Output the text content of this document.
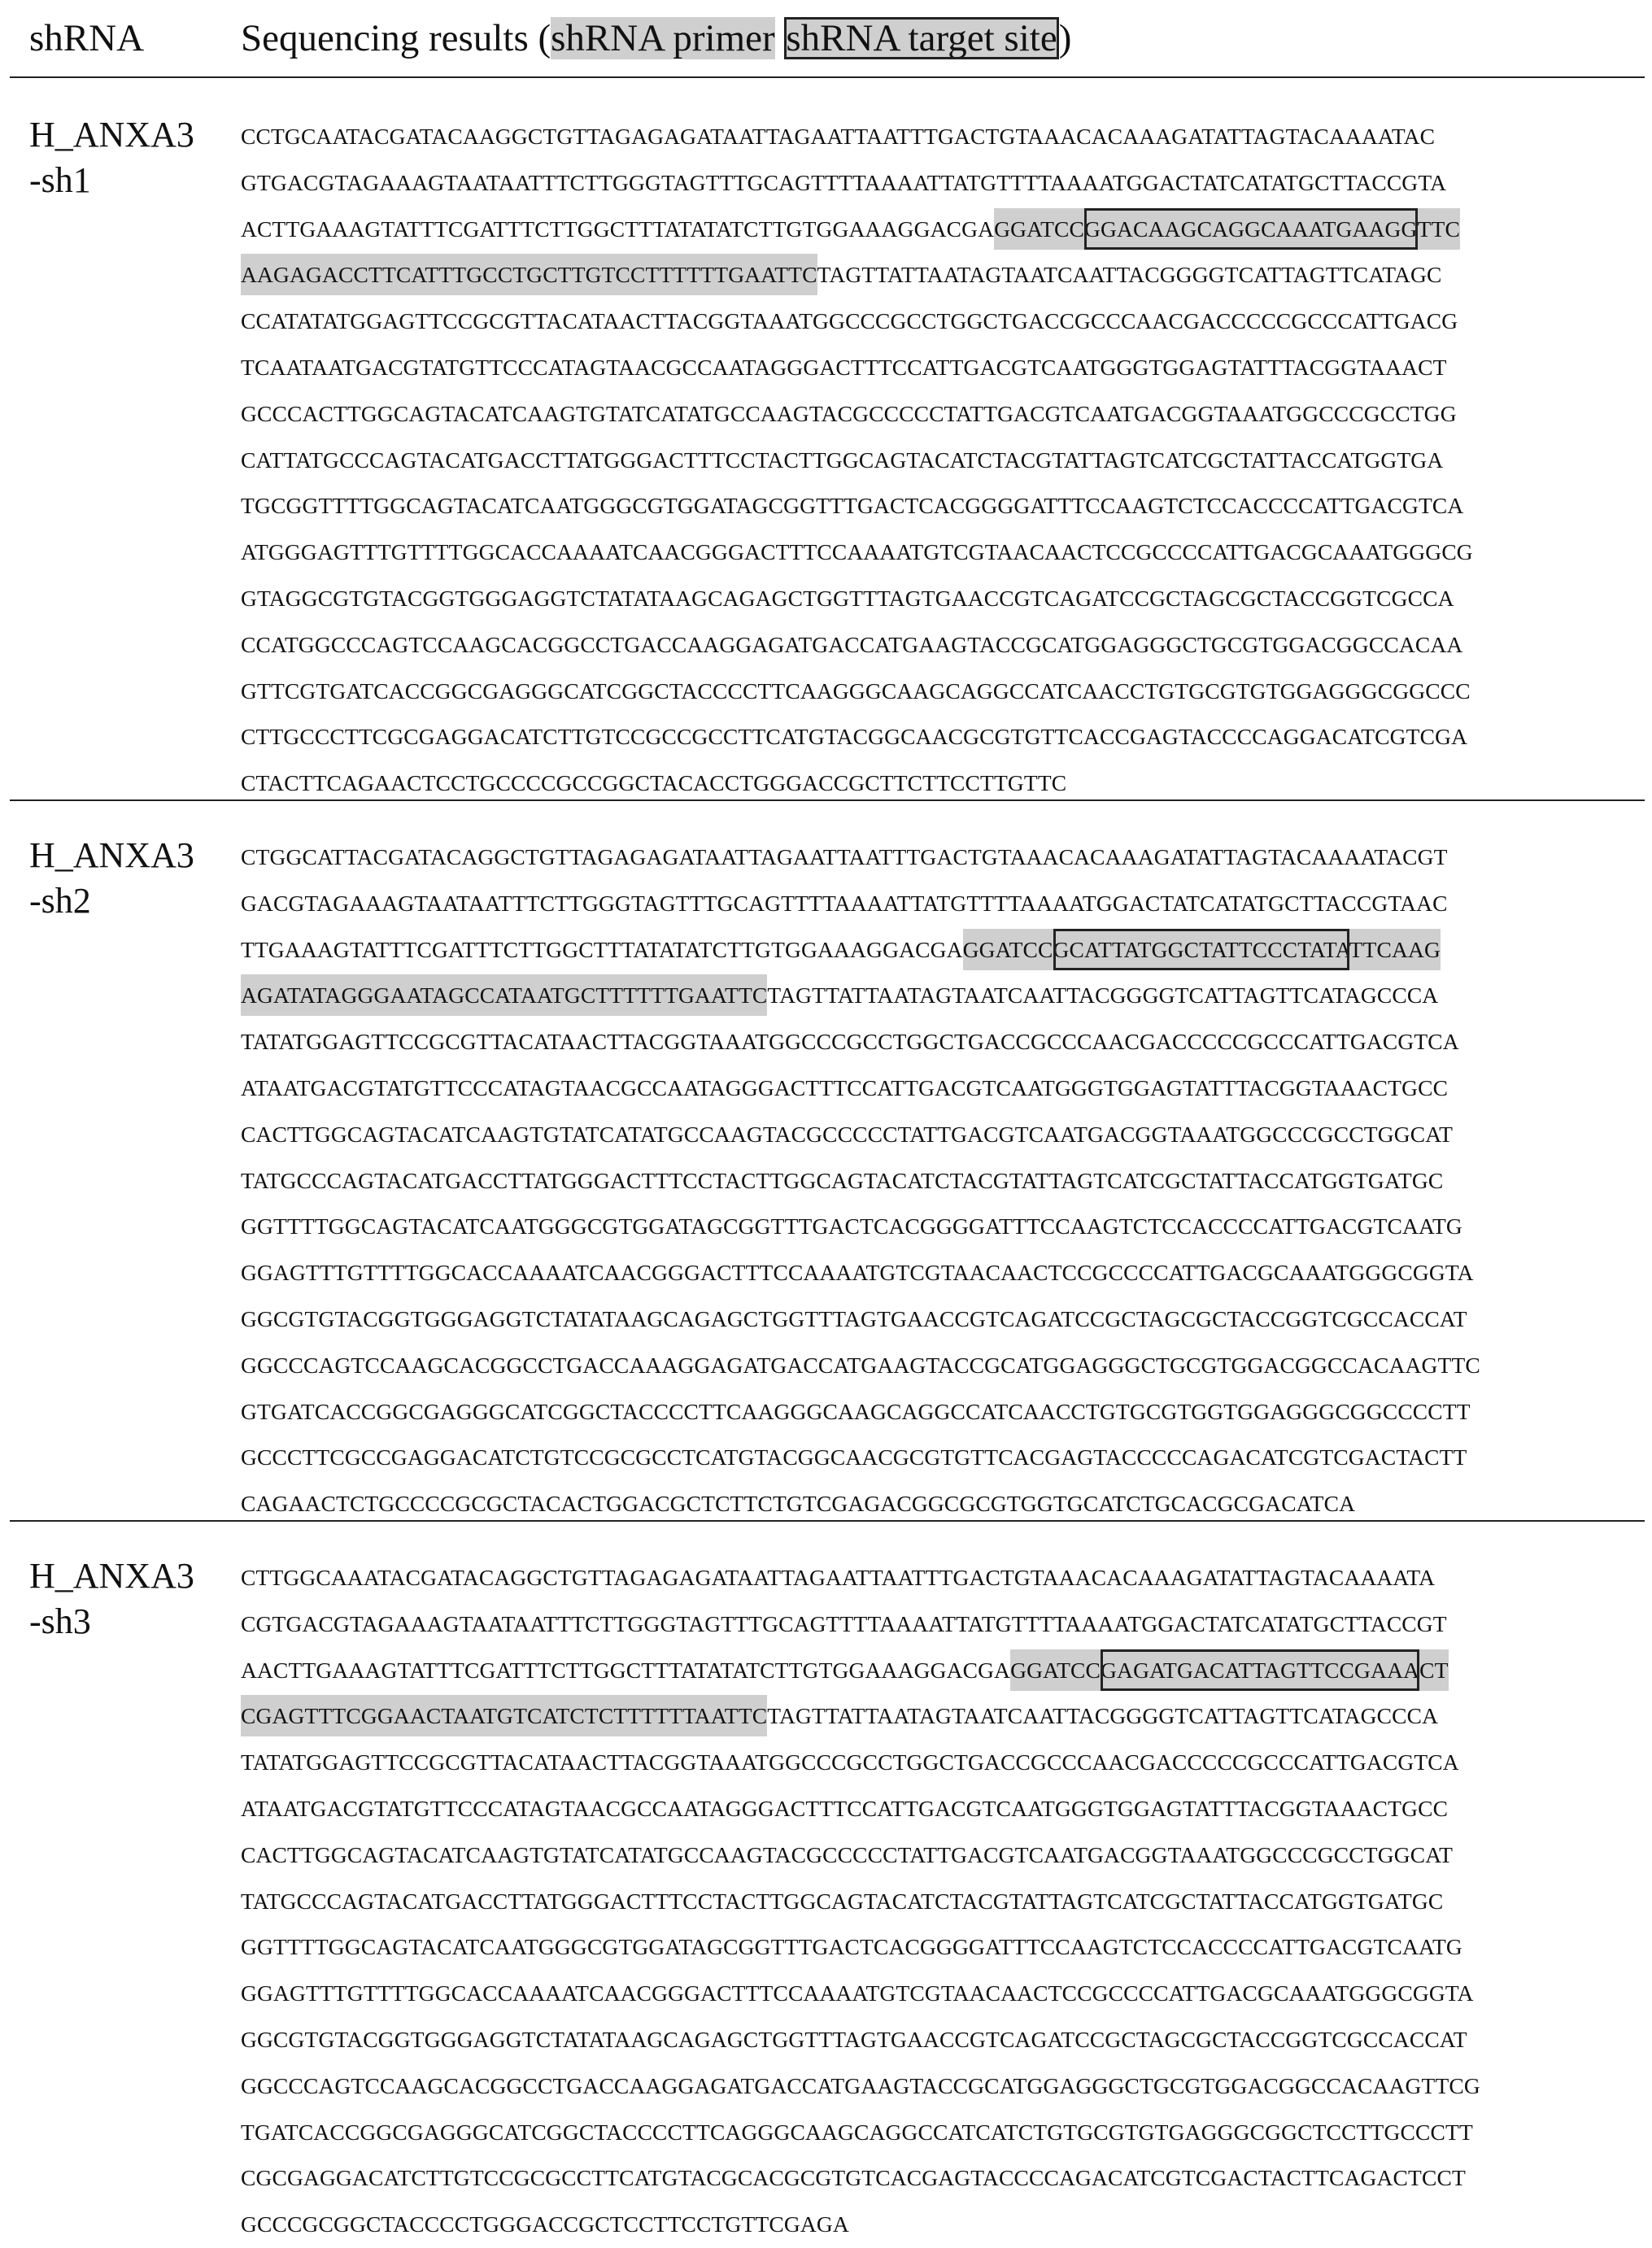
shRNA	Sequencing results (shRNA primer shRNA target site)
H_ANXA3
-sh1
CCTGCAATACGATACAAGGCTGTTAGAGAGATAATTAGAATTAATTTGACTGTAAACACAAAGATATTAGTACAAAATAC
GTGACGTAGAAAGTAATAATTTCTTGGGTAGTTTGCAGTTTTAAAATTATGTTTTAAAATGGACTATCATATGCTTACCGTA
ACTTGAAAGTATTTCGATTTCTTGGCTTTATATATCTTGTGGAAAGGACGAGGATCCGGACAAGCAGGCAAATGAAGGTTC
AAGAGACCTTCATTTGCCTGCTTGTCCTTTTTTGAATTCTAGTTATTAATAGTAATCAATTACGGGGTCATTAGTTCATAGC
CCATATATGGAGTTCCGCGTTACATAACTTACGGTAAATGGCCCGCCTGGCTGACCGCCCAACGACCCCCGCCCATTGACG
TCAATAATGACGTATGTTCCCATAGTAACGCCAATAGGGACTTTCCATTGACGTCAATGGGTGGAGTATTTACGGTAAACT
GCCCACTTGGCAGTACATCAAGTGTATCATATGCCAAGTACGCCCCCTATTGACGTCAATGACGGTAAATGGCCCGCCTGG
CATTATGCCCAGTACATGACCTTATGGGACTTTCCTACTTGGCAGTACATCTACGTATTAGTCATCGCTATTACCATGGTGA
TGCGGTTTTGGCAGTACATCAATGGGCGTGGATAGCGGTTTGACTCACGGGGATTTCCAAGTCTCCACCCCATTGACGTCA
ATGGGAGTTTGTTTTGGCACCAAAATCAACGGGACTTTCCAAAATGTCGTAACAACTCCGCCCCATTGACGCAAATGGGCG
GTAGGCGTGTACGGTGGGAGGTCTATATAAGCAGAGCTGGTTTAGTGAACCGTCAGATCCGCTAGCGCTACCGGTCGCCA
CCATGGCCCAGTCCAAGCACGGCCTGACCAAGGAGATGACCATGAAGTACCGCATGGAGGGCTGCGTGGACGGCCACAA
GTTCGTGATCACCGGCGAGGGCATCGGCTACCCCTTCAAGGGCAAGCAGGCCATCAACCTGTGCGTGTGGAGGGCGGCCC
CTTGCCCTTCGCGAGGACATCTTGTCCGCCGCCTTCATGTACGGCAACGCGTGTTCACCGAGTACCCCAGGACATCGTCGA
CTACTTCAGAACTCCTGCCCCGCCGGCTACACCTGGGACCGCTTCTTCCTTGTTC
H_ANXA3
-sh2
CTGGCATTACGATACAGGCTGTTAGAGAGATAATTAGAATTAATTTGACTGTAAACACAAAGATATTAGTACAAAATACGT
GACGTAGAAAGTAATAATTTCTTGGGTAGTTTGCAGTTTTAAAATTATGTTTTAAAATGGACTATCATATGCTTACCGTAAC
TTGAAAGTATTTCGATTTCTTGGCTTTATATATCTTGTGGAAAGGACGAGGATCCGCATTATGGCTATTCCCTATATTCAAG
AGATATAGGGAATAGCCATAATGCTTTTTTGAATTCTAGTTATTAATAGTAATCAATTACGGGGTCATTAGTTCATAGCCCA
TATATGGAGTTCCGCGTTACATAACTTACGGTAAATGGCCCGCCTGGCTGACCGCCCAACGACCCCCGCCCATTGACGTCA
ATAATGACGTATGTTCCCATAGTAACGCCAATAGGGACTTTCCATTGACGTCAATGGGTGGAGTATTTACGGTAAACTGCC
CACTTGGCAGTACATCAAGTGTATCATATGCCAAGTACGCCCCCTATTGACGTCAATGACGGTAAATGGCCCGCCTGGCAT
TATGCCCAGTACATGACCTTATGGGACTTTCCTACTTGGCAGTACATCTACGTATTAGTCATCGCTATTACCATGGTGATGC
GGTTTTGGCAGTACATCAATGGGCGTGGATAGCGGTTTGACTCACGGGGATTTCCAAGTCTCCACCCCATTGACGTCAATG
GGAGTTTGTTTTGGCACCAAAATCAACGGGACTTTCCAAAATGTCGTAACAACTCCGCCCCATTGACGCAAATGGGCGGTA
GGCGTGTACGGTGGGAGGTCTATATAAGCAGAGCTGGTTTAGTGAACCGTCAGATCCGCTAGCGCTACCGGTCGCCACCAT
GGCCCAGTCCAAGCACGGCCTGACCAAAGGAGATGACCATGAAGTACCGCATGGAGGGCTGCGTGGACGGCCACAAGTTC
GTGATCACCGGCGAGGGCATCGGCTACCCCTTCAAGGGCAAGCAGGCCATCAACCTGTGCGTGGTGGAGGGCGGCCCCTT
GCCCTTCGCCGAGGACATCTGTCCGCGCCTCATGTACGGCAACGCGTGTTCACGAGTACCCCCAGACATCGTCGACTACTT
CAGAACTCTGCCCCGCGCTACACTGGACGCTCTTCTGTCGAGACGGCGCGTGGTGCATCTGCACGCGACATCA
H_ANXA3
-sh3
CTTGGCAAATACGATACAGGCTGTTAGAGAGATAATTAGAATTAATTTGACTGTAAACACAAAGATATTAGTACAAAATA
CGTGACGTAGAAAGTAATAATTTCTTGGGTAGTTTGCAGTTTTAAAATTATGTTTTAAAATGGACTATCATATGCTTACCGT
AACTTGAAAGTATTTCGATTTCTTGGCTTTATATATCTTGTGGAAAGGACGAGGATCCGAGATGACATTAGTTCCGAAACT
CGAGTTTCGGAACTAATGTCATCTCTTTTTTAATTCTAGTTATTAATAGTAATCAATTACGGGGTCATTAGTTCATAGCCCA
TATATGGAGTTCCGCGTTACATAACTTACGGTAAATGGCCCGCCTGGCTGACCGCCCAACGACCCCCGCCCATTGACGTCA
ATAATGACGTATGTTCCCATAGTAACGCCAATAGGGACTTTCCATTGACGTCAATGGGTGGAGTATTTACGGTAAACTGCC
CACTTGGCAGTACATCAAGTGTATCATATGCCAAGTACGCCCCCTATTGACGTCAATGACGGTAAATGGCCCGCCTGGCAT
TATGCCCAGTACATGACCTTATGGGACTTTCCTACTTGGCAGTACATCTACGTATTAGTCATCGCTATTACCATGGTGATGC
GGTTTTGGCAGTACATCAATGGGCGTGGATAGCGGTTTGACTCACGGGGATTTCCAAGTCTCCACCCCATTGACGTCAATG
GGAGTTTGTTTTGGCACCAAAATCAACGGGACTTTCCAAAATGTCGTAACAACTCCGCCCCATTGACGCAAATGGGCGGTA
GGCGTGTACGGTGGGAGGTCTATATAAGCAGAGCTGGTTTAGTGAACCGTCAGATCCGCTAGCGCTACCGGTCGCCACCAT
GGCCCAGTCCAAGCACGGCCTGACCAAGGAGATGACCATGAAGTACCGCATGGAGGGCTGCGTGGACGGCCACAAGTTCG
TGATCACCGGCGAGGGCATCGGCTACCCCTTCAGGGCAAGCAGGCCATCATCTGTGCGTGTGAGGGCGGCTCCTTGCCCTT
CGCGAGGACATCTTGTCCGCGCCTTCATGTACGCACGCGTGTCACGAGTACCCCAGACATCGTCGACTACTTCAGACTCCT
GCCCGCGGCTACCCCTGGGACCGCTCCTTCCTGTTCGAGA
